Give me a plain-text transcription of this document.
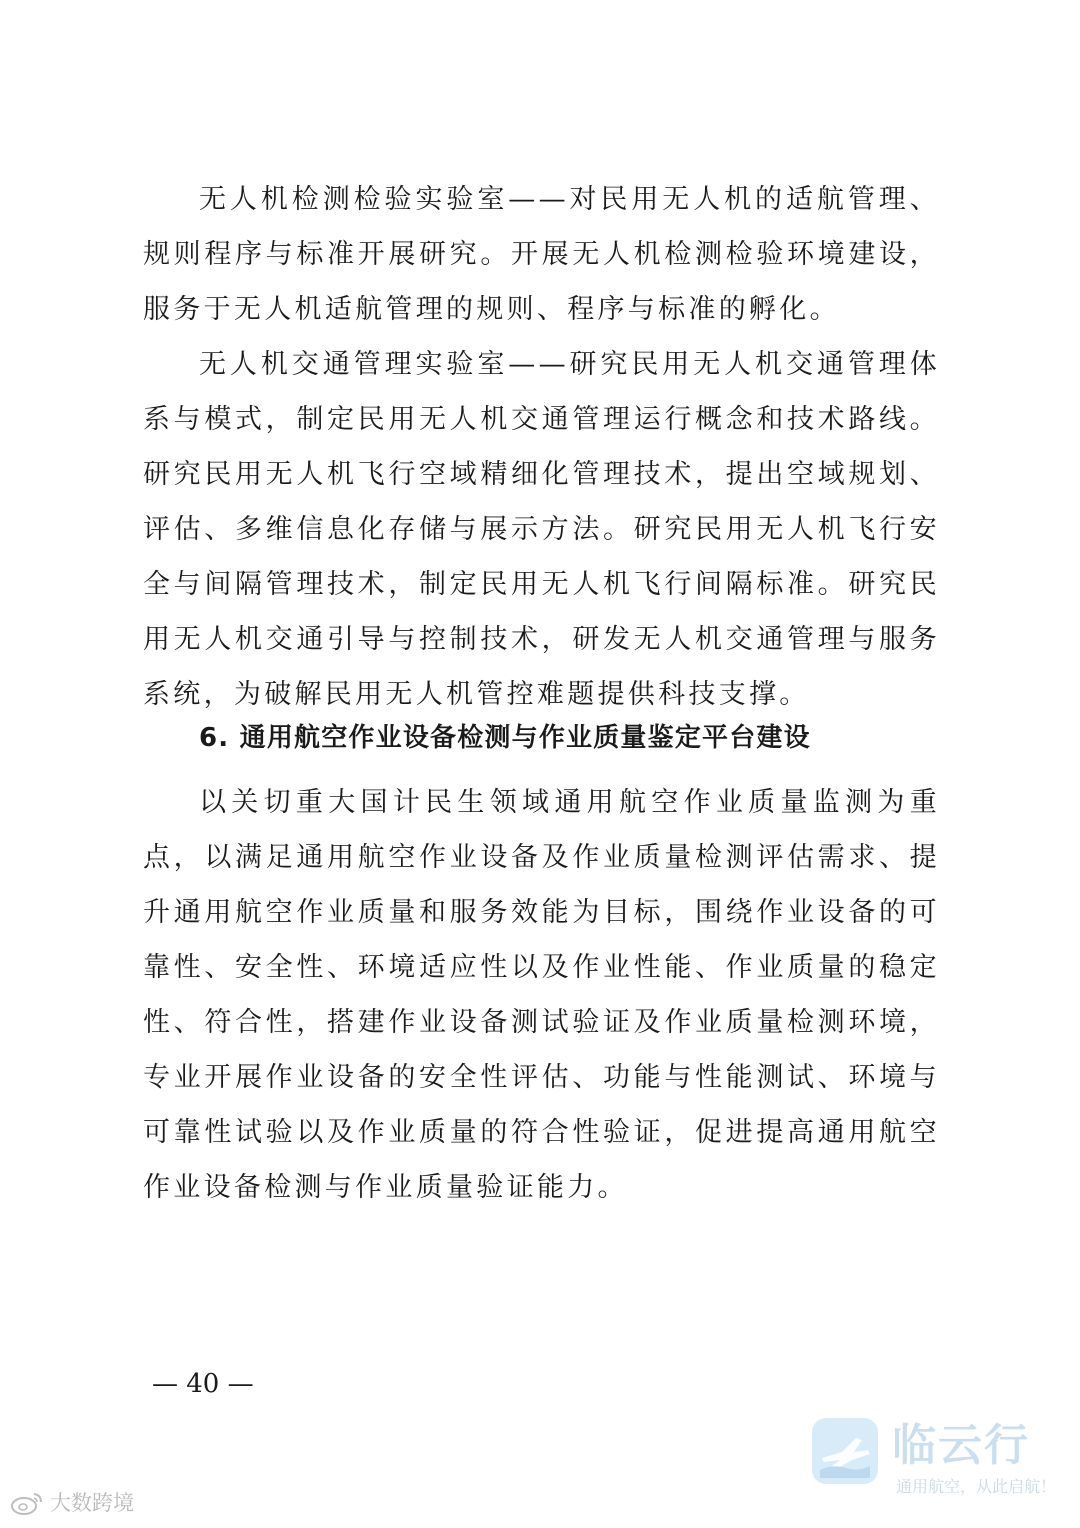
无人机检测检验实验室——对民用无人机的适航管理、规则程序与标准开展研究。开展无人机检测检验环境建设，服务于无人机适航管理的规则、程序与标准的孵化。

无人机交通管理实验室——研究民用无人机交通管理体系与模式，制定民用无人机交通管理运行概念和技术路线。研究民用无人机飞行空域精细化管理技术，提出空域规划、评估、多维信息化存储与展示方法。研究民用无人机飞行安全与间隔管理技术，制定民用无人机飞行间隔标准。研究民用无人机交通引导与控制技术，研发无人机交通管理与服务系统，为破解民用无人机管控难题提供科技支撑。

6. 通用航空作业设备检测与作业质量鉴定平台建设

以关切重大国计民生领域通用航空作业质量监测为重点，以满足通用航空作业设备及作业质量检测评估需求、提升通用航空作业质量和服务效能为目标，围绕作业设备的可靠性、安全性、环境适应性以及作业性能、作业质量的稳定性、符合性，搭建作业设备测试验证及作业质量检测环境，专业开展作业设备的安全性评估、功能与性能测试、环境与可靠性试验以及作业质量的符合性验证，促进提高通用航空作业设备检测与作业质量验证能力。

— 40 —
临云行
通用航空，从此启航！
大数跨境
